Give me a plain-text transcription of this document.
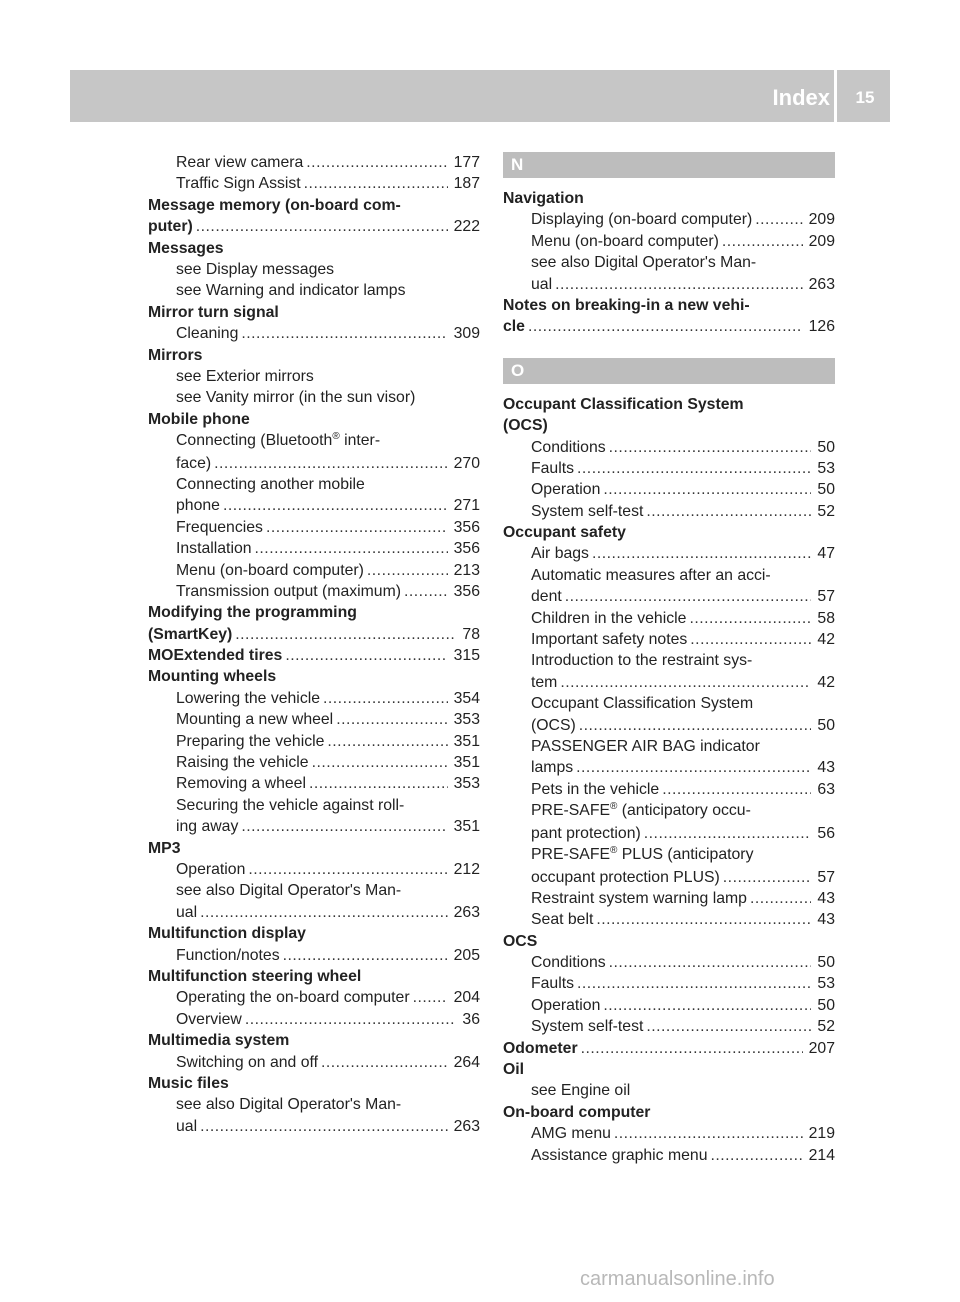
Index	15
Rear view camera .....	177
Traffic Sign Assist .....	187
Message memory (on-board com-
puter) .....	222
Messages
see Display messages
see Warning and indicator lamps
Mirror turn signal
Cleaning .....	309
Mirrors
see Exterior mirrors
see Vanity mirror (in the sun visor)
Mobile phone
Connecting (Bluetooth® inter-
face) .....	270
Connecting another mobile
phone .....	271
Frequencies .....	356
Installation .....	356
Menu (on-board computer) .....	213
Transmission output (maximum) .....	356
Modifying the programming
(SmartKey) .....	78
MOExtended tires .....	315
Mounting wheels
Lowering the vehicle .....	354
Mounting a new wheel .....	353
Preparing the vehicle .....	351
Raising the vehicle .....	351
Removing a wheel .....	353
Securing the vehicle against roll-
ing away .....	351
MP3
Operation .....	212
see also Digital Operator's Man-
ual .....	263
Multifunction display
Function/notes .....	205
Multifunction steering wheel
Operating the on-board computer .....	204
Overview .....	36
Multimedia system
Switching on and off .....	264
Music files
see also Digital Operator's Man-
ual .....	263
N
Navigation
Displaying (on-board computer) .....	209
Menu (on-board computer) .....	209
see also Digital Operator's Man-
ual .....	263
Notes on breaking-in a new vehi-
cle .....	126
O
Occupant Classification System
(OCS)
Conditions .....	50
Faults .....	53
Operation .....	50
System self-test .....	52
Occupant safety
Air bags .....	47
Automatic measures after an acci-
dent .....	57
Children in the vehicle .....	58
Important safety notes .....	42
Introduction to the restraint sys-
tem .....	42
Occupant Classification System
(OCS) .....	50
PASSENGER AIR BAG indicator
lamps .....	43
Pets in the vehicle .....	63
PRE-SAFE® (anticipatory occu-
pant protection) .....	56
PRE-SAFE® PLUS (anticipatory
occupant protection PLUS) .....	57
Restraint system warning lamp .....	43
Seat belt .....	43
OCS
Conditions .....	50
Faults .....	53
Operation .....	50
System self-test .....	52
Odometer .....	207
Oil
see Engine oil
On-board computer
AMG menu .....	219
Assistance graphic menu .....	214
carmanualsonline.info
